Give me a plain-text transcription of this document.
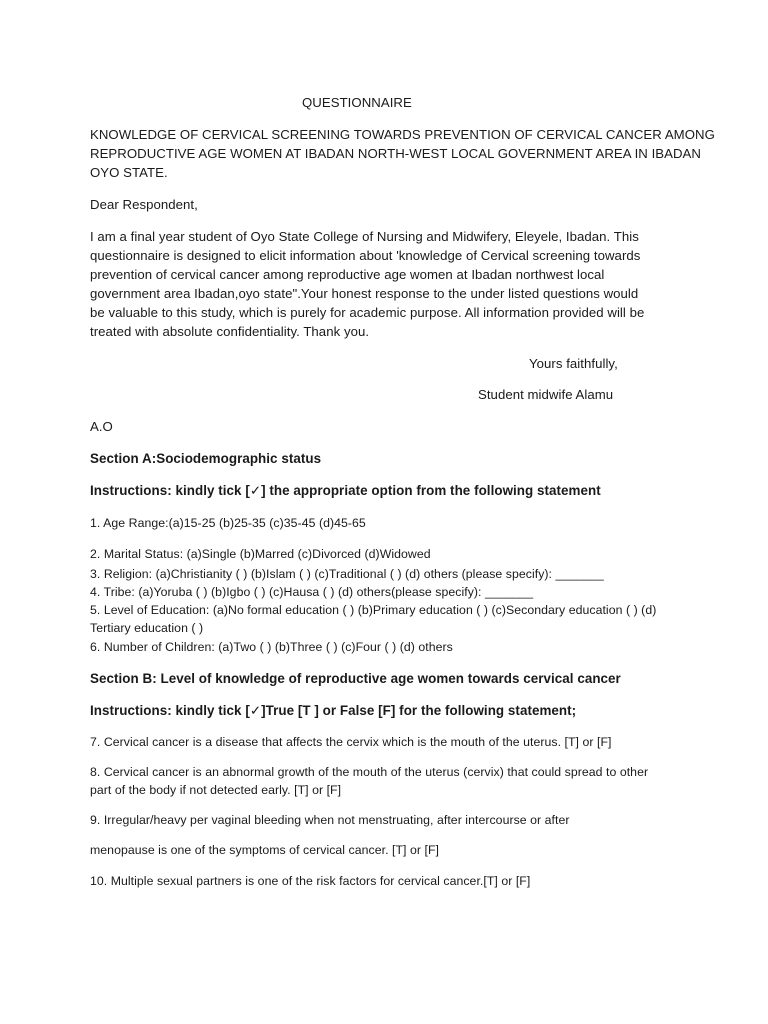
QUESTIONNAIRE

KNOWLEDGE OF CERVICAL SCREENING TOWARDS PREVENTION OF CERVICAL CANCER AMONG

REPRODUCTIVE AGE WOMEN AT IBADAN NORTH-WEST LOCAL GOVERNMENT AREA IN IBADAN

OYO STATE.

Dear Respondent,

I am a final year student of Oyo State College of Nursing and Midwifery, Eleyele, Ibadan. This

questionnaire is designed to elicit information about 'knowledge of Cervical screening towards

prevention of cervical cancer among reproductive age women at Ibadan northwest local

government area Ibadan,oyo state".Your honest response to the under listed questions would

be valuable to this study, which is purely for academic purpose. All information provided will be

treated with absolute confidentiality. Thank you.

Yours faithfully,

Student midwife Alamu

A.O

Section A:Sociodemographic status

Instructions: kindly tick [✓] the appropriate option from the following statement

1. Age Range:(a)15-25 (b)25-35 (c)35-45 (d)45-65

2. Marital Status: (a)Single (b)Marred (c)Divorced (d)Widowed

3. Religion: (a)Christianity ( ) (b)Islam ( ) (c)Traditional ( ) (d) others (please specify): _______

4. Tribe: (a)Yoruba ( ) (b)Igbo ( ) (c)Hausa ( ) (d) others(please specify): _______

5. Level of Education: (a)No formal education ( ) (b)Primary education ( ) (c)Secondary education ( ) (d)

Tertiary education ( )

6. Number of Children: (a)Two ( ) (b)Three ( ) (c)Four ( ) (d) others

Section B: Level of knowledge of reproductive age women towards cervical cancer

Instructions: kindly tick [✓]True [T ] or False [F] for the following statement;

7. Cervical cancer is a disease that affects the cervix which is the mouth of the uterus. [T] or [F]

8. Cervical cancer is an abnormal growth of the mouth of the uterus (cervix) that could spread to other

part of the body if not detected early. [T] or [F]

9. Irregular/heavy per vaginal bleeding when not menstruating, after intercourse or after

menopause is one of the symptoms of cervical cancer. [T] or [F]

10. Multiple sexual partners is one of the risk factors for cervical cancer.[T] or [F]
